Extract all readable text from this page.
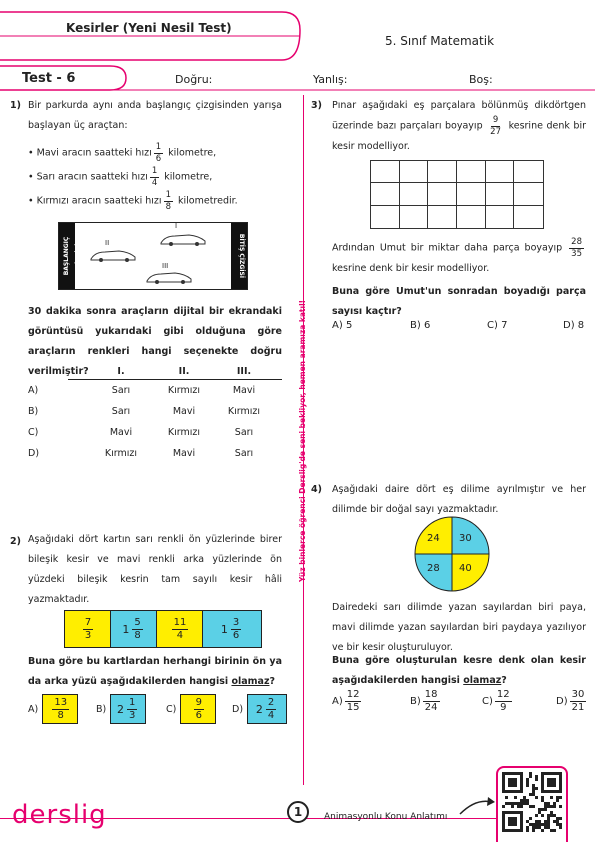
Kesirler (Yeni Nesil Test)
5. Sınıf Matematik
Test - 6	Doğru:	Yanlış:	Boş:
Yüz binlerce öğrenci Derslig'de seni bekliyor, hemen aramıza katıl!
1) Bir parkurda aynı anda başlangıç çizgisinden yarışa başlayan üç araçtan:
• Mavi aracın saatteki hızı $\frac{1}{6}$ kilometre,
• Sarı aracın saatteki hızı $\frac{1}{4}$ kilometre,
• Kırmızı aracın saatteki hızı $\frac{1}{8}$ kilometredir.
BAŞLANGIÇ ÇİZGİSİ	BİTİŞ ÇİZGİSİ
I
II
III
30 dakika sonra araçların dijital bir ekrandaki görüntüsü yukarıdaki gibi olduğuna göre araçların renkleri hangi seçenekte doğru verilmiştir?	I.	II.	III.
A)	Sarı	Kırmızı	Mavi
B)	Sarı	Mavi	Kırmızı
C)	Mavi	Kırmızı	Sarı
D)	Kırmızı	Mavi	Sarı
2) Aşağıdaki dört kartın sarı renkli ön yüzlerinde birer bileşik kesir ve mavi renkli arka yüzlerinde ön yüzdeki bileşik kesrin tam sayılı kesir hâli yazmaktadır.
$\frac{7}{3}$	$1 \frac{5}{8}$	$\frac{11}{4}$	$1 \frac{3}{6}$
Buna göre bu kartlardan herhangi birinin ön ya da arka yüzü aşağıdakilerden hangisi olamaz?
$A) \frac{13}{8}$	B) $2 \frac{1}{3}$	$C) \frac{9}{6}$	D) $2 \frac{2}{4}$
3) Pınar aşağıdaki eş parçalara bölünmüş dikdörtgen üzerinde bazı parçaları boyayıp $\frac{9}{27}$ kesrine denk bir kesir modelliyor.
Ardından Umut bir miktar daha parça boyayıp $\frac{28}{35}$
kesrine denk bir kesir modelliyor.
Buna göre Umut'un sonradan boyadığı parça sayısı kaçtır?
A) 5	B) 6	C) 7	D) 8
4) Aşağıdaki daire dört eş dilime ayrılmıştır ve her dilimde bir doğal sayı yazmaktadır.
24 30
40
28
Dairedeki sarı dilimde yazan sayılardan biri paya, mavi dilimde yazan sayılardan biri paydaya yazılıyor ve bir kesir oluşturuluyor.
Buna göre oluşturulan kesre denk olan kesir aşağıdakilerden hangisi olamaz?
$A) \frac{12}{15}$	$B) \frac{18}{24}$	$C) \frac{12}{9}$	$D) \frac{30}{21}$
derslig	1	Animasyonlu Konu Anlatımı
